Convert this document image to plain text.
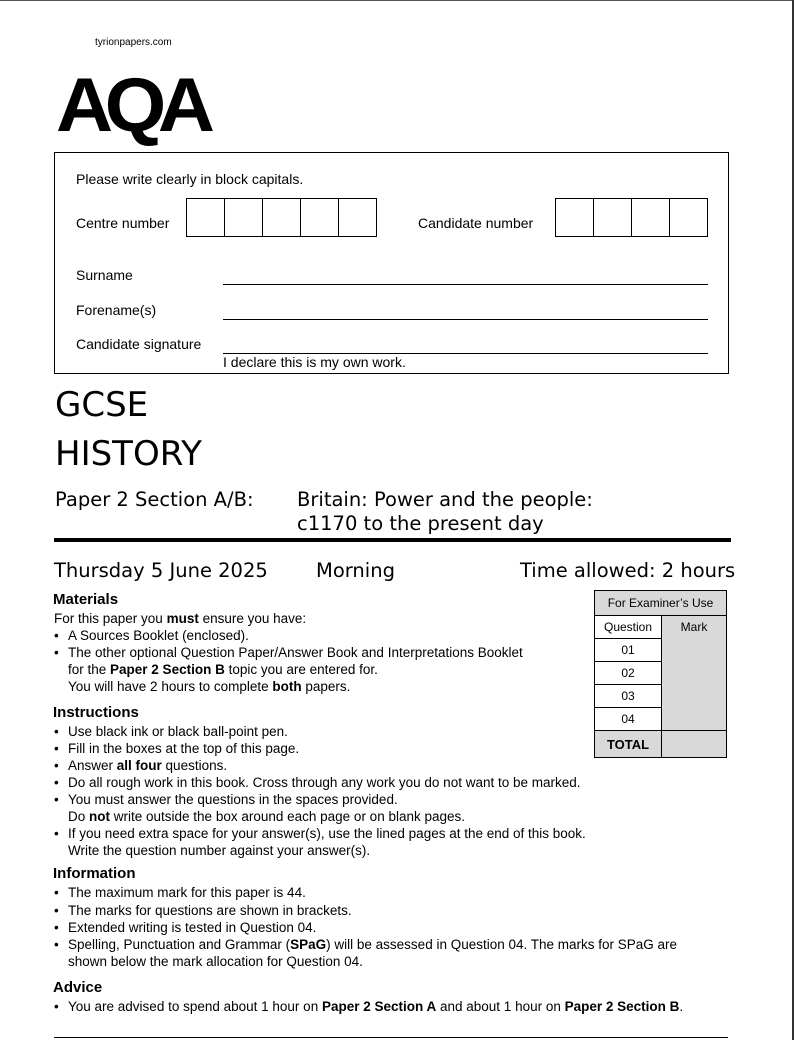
tyrionpapers.com
AQA
Please write clearly in block capitals.
Centre number	Candidate number
Surname
Forename(s)
Candidate signature
I declare this is my own work.
GCSE
HISTORY
Paper 2 Section A/B: Britain: Power and the people:
c1170 to the present day
Thursday 5 June 2025 Morning	Time allowed: 2 hours
Materials
For this paper you must ensure you have:
A Sources Booklet (enclosed).
The other optional Question Paper/Answer Book and Interpretations Booklet
for the Paper 2 Section B topic you are entered for.
You will have 2 hours to complete both papers.
Instructions
Use black ink or black ball-point pen.
Fill in the boxes at the top of this page.
Answer all four questions.
Do all rough work in this book. Cross through any work you do not want to be marked.
You must answer the questions in the spaces provided.
Do not write outside the box around each page or on blank pages.
If you need extra space for your answer(s), use the lined pages at the end of this book.
Write the question number against your answer(s).
Information
The maximum mark for this paper is 44.
The marks for questions are shown in brackets.
Extended writing is tested in Question 04.
Spelling, Punctuation and Grammar (SPaG) will be assessed in Question 04. The marks for SPaG are
shown below the mark allocation for Question 04.
Advice
You are advised to spend about 1 hour on Paper 2 Section A and about 1 hour on Paper 2 Section B.
For Examiner’s Use	
Question	Mark
01	
02	
03	
04	
TOTAL	
